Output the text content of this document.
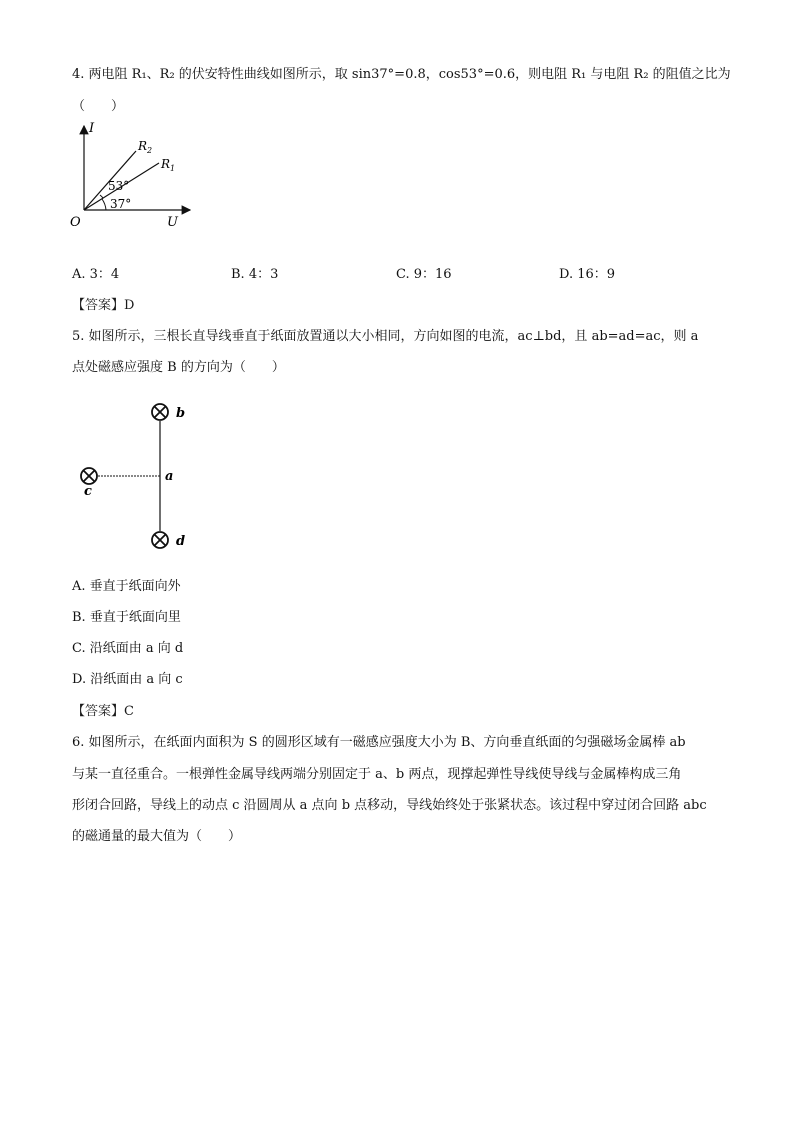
4. 两电阻 R₁、R₂ 的伏安特性曲线如图所示，取 sin37°=0.8，cos53°=0.6，则电阻 R₁ 与电阻 R₂ 的阻值之比为
（　　）
I
O	U
$R_2$
$R_1$
53°
37°
A. 3：4	B. 4：3	C. 9：16	D. 16：9
【答案】D
5. 如图所示，三根长直导线垂直于纸面放置通以大小相同，方向如图的电流，ac⊥bd，且 ab=ad=ac，则 a
点处磁感应强度 B 的方向为（　　）
b
a
c
d
A. 垂直于纸面向外
B. 垂直于纸面向里
C. 沿纸面由 a 向 d
D. 沿纸面由 a 向 c
【答案】C
6. 如图所示，在纸面内面积为 S 的圆形区域有一磁感应强度大小为 B、方向垂直纸面的匀强磁场金属棒 ab
与某一直径重合。一根弹性金属导线两端分别固定于 a、b 两点，现撑起弹性导线使导线与金属棒构成三角
形闭合回路，导线上的动点 c 沿圆周从 a 点向 b 点移动，导线始终处于张紧状态。该过程中穿过闭合回路 abc
的磁通量的最大值为（　　）
